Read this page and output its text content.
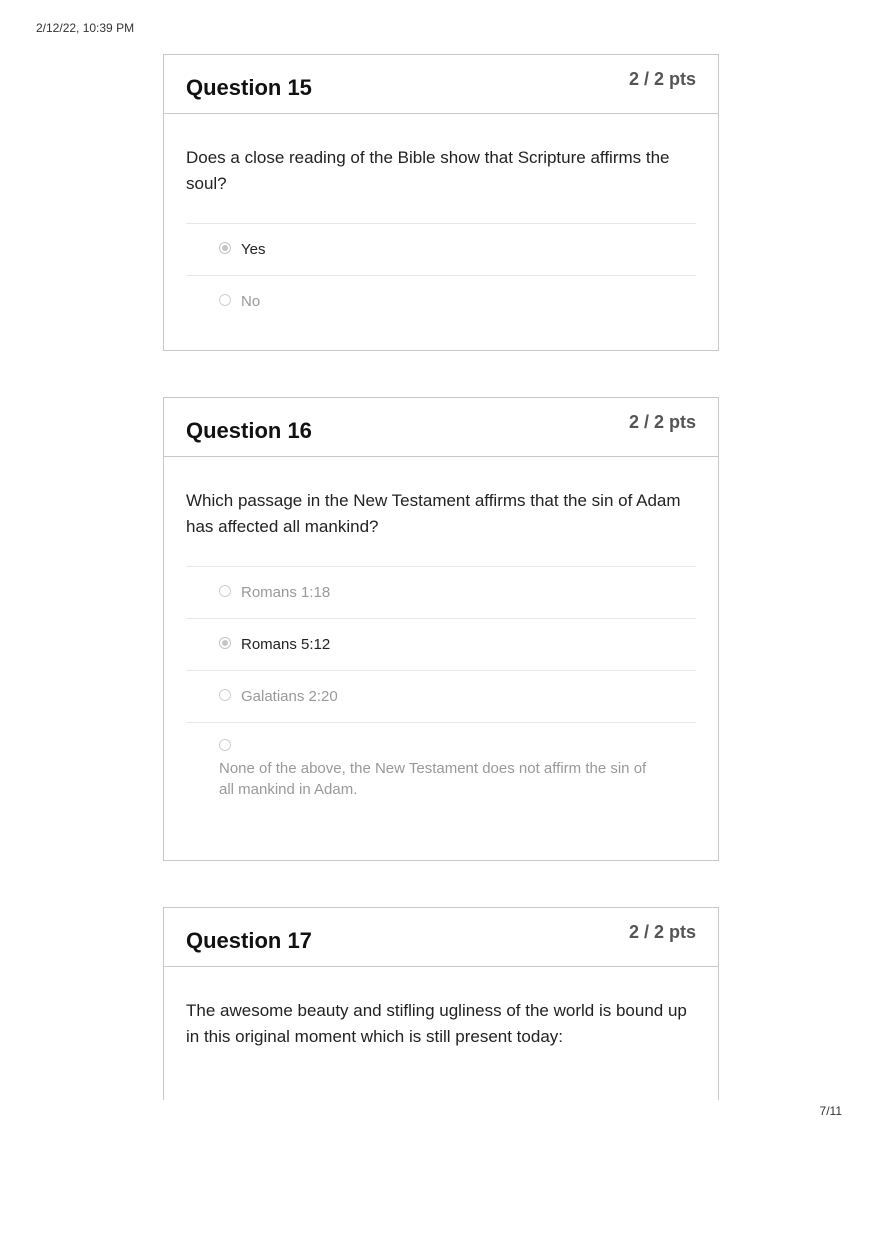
2/12/22, 10:39 PM
Question 15	2 / 2 pts

Does a close reading of the Bible show that Scripture affirms the soul?

Yes
No
Question 16	2 / 2 pts

Which passage in the New Testament affirms that the sin of Adam has affected all mankind?

Romans 1:18
Romans 5:12
Galatians 2:20
None of the above, the New Testament does not affirm the sin of all mankind in Adam.
Question 17	2 / 2 pts

The awesome beauty and stifling ugliness of the world is bound up in this original moment which is still present today:

7/11
